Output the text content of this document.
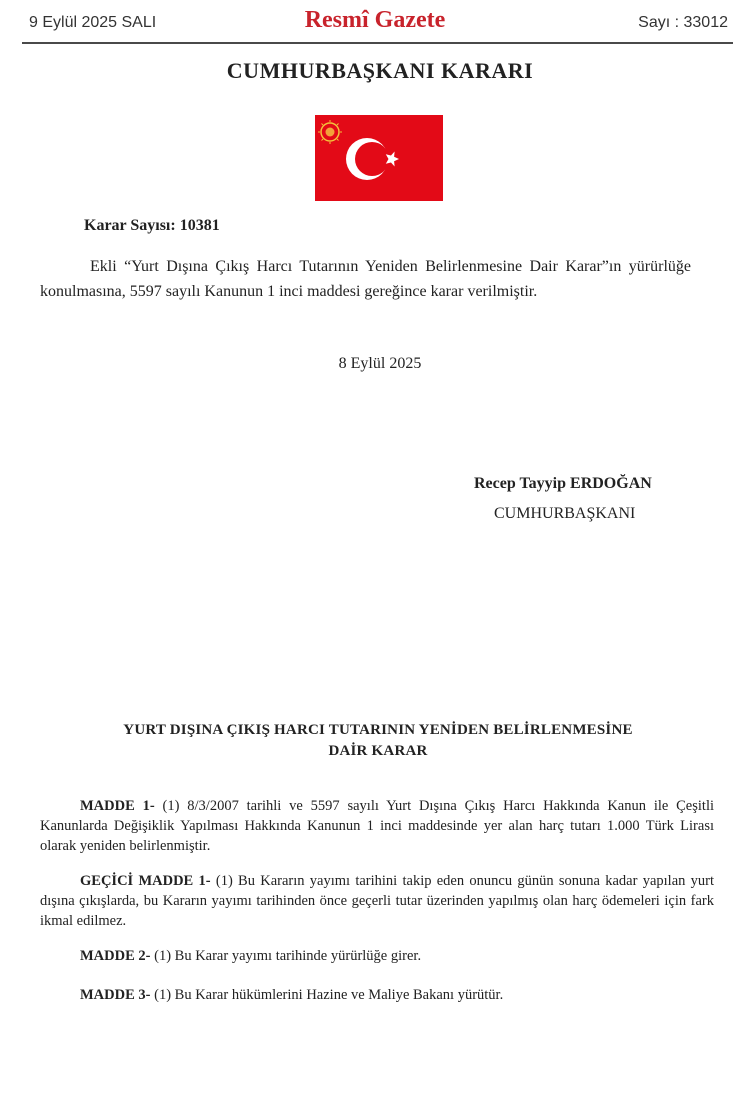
9 Eylül 2025 SALI	Resmî Gazete	Sayı : 33012
CUMHURBAŞKANI KARARI
Karar Sayısı: 10381
Ekli “Yurt Dışına Çıkış Harcı Tutarının Yeniden Belirlenmesine Dair Karar”ın yürürlüğe konulmasına, 5597 sayılı Kanunun 1 inci maddesi gereğince karar verilmiştir.
8 Eylül 2025
Recep Tayyip ERDOĞAN
CUMHURBAŞKANI
YURT DIŞINA ÇIKIŞ HARCI TUTARININ YENİDEN BELİRLENMESİNE
DAİR KARAR
MADDE 1- (1) 8/3/2007 tarihli ve 5597 sayılı Yurt Dışına Çıkış Harcı Hakkında Kanun ile Çeşitli Kanunlarda Değişiklik Yapılması Hakkında Kanunun 1 inci maddesinde yer alan harç tutarı 1.000 Türk Lirası olarak yeniden belirlenmiştir.
GEÇİCİ MADDE 1- (1) Bu Kararın yayımı tarihini takip eden onuncu günün sonuna kadar yapılan yurt dışına çıkışlarda, bu Kararın yayımı tarihinden önce geçerli tutar üzerinden yapılmış olan harç ödemeleri için fark ikmal edilmez.
MADDE 2- (1) Bu Karar yayımı tarihinde yürürlüğe girer.
MADDE 3- (1) Bu Karar hükümlerini Hazine ve Maliye Bakanı yürütür.
